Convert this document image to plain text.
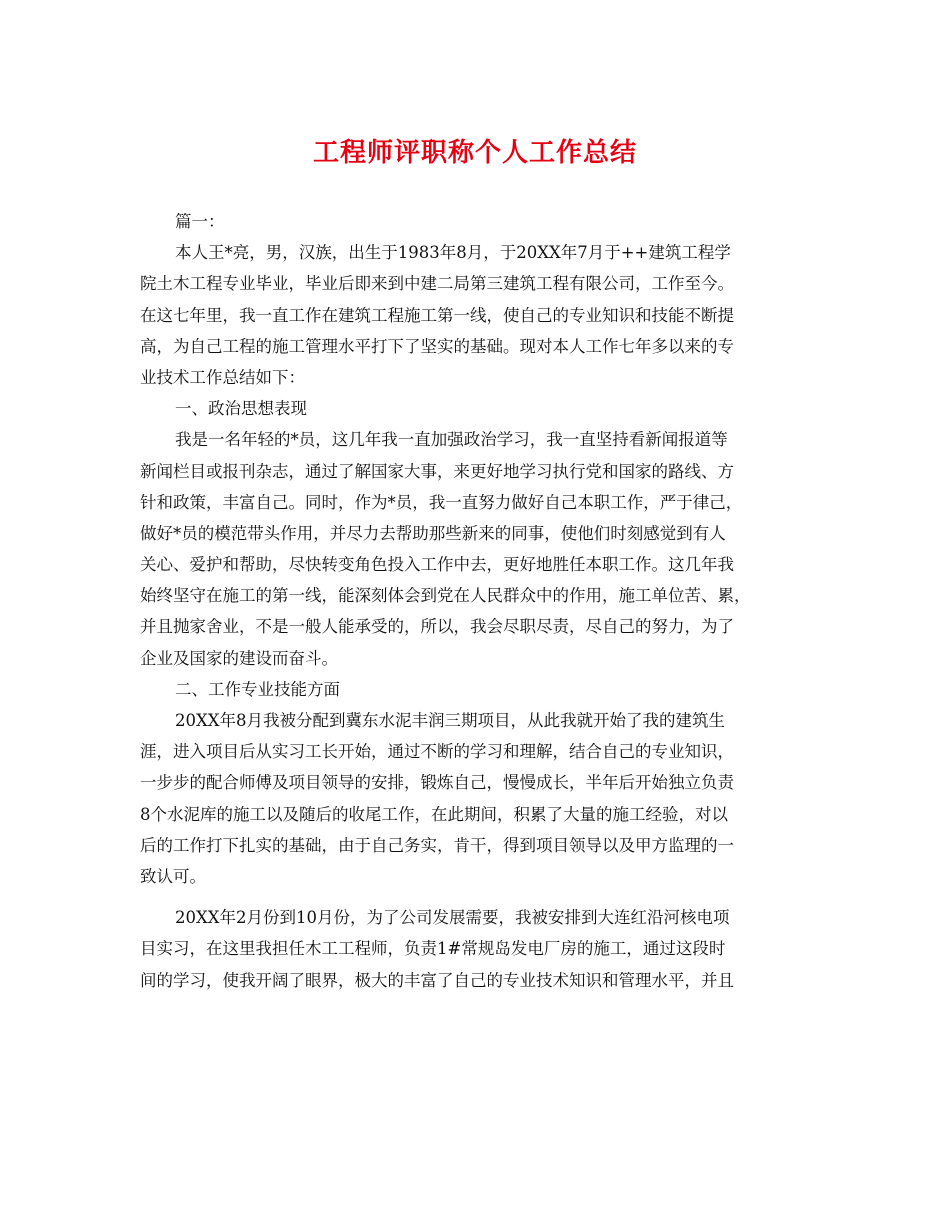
工程师评职称个人工作总结
篇一：
本人王*亮，男，汉族，出生于1983年8月，于20XX年7月于++建筑工程学
院土木工程专业毕业，毕业后即来到中建二局第三建筑工程有限公司，工作至今。
在这七年里，我一直工作在建筑工程施工第一线，使自己的专业知识和技能不断提
高，为自己工程的施工管理水平打下了坚实的基础。现对本人工作七年多以来的专
业技术工作总结如下：
一、政治思想表现
我是一名年轻的*员，这几年我一直加强政治学习，我一直坚持看新闻报道等
新闻栏目或报刊杂志，通过了解国家大事，来更好地学习执行党和国家的路线、方
针和政策，丰富自己。同时，作为*员，我一直努力做好自己本职工作，严于律己，
做好*员的模范带头作用，并尽力去帮助那些新来的同事，使他们时刻感觉到有人
关心、爱护和帮助，尽快转变角色投入工作中去，更好地胜任本职工作。这几年我
始终坚守在施工的第一线，能深刻体会到党在人民群众中的作用，施工单位苦、累，
并且抛家舍业，不是一般人能承受的，所以，我会尽职尽责，尽自己的努力，为了
企业及国家的建设而奋斗。
二、工作专业技能方面
20XX年8月我被分配到冀东水泥丰润三期项目，从此我就开始了我的建筑生
涯，进入项目后从实习工长开始，通过不断的学习和理解，结合自己的专业知识，
一步步的配合师傅及项目领导的安排，锻炼自己，慢慢成长，半年后开始独立负责
8个水泥库的施工以及随后的收尾工作，在此期间，积累了大量的施工经验，对以
后的工作打下扎实的基础，由于自己务实，肯干，得到项目领导以及甲方监理的一
致认可。
20XX年2月份到10月份，为了公司发展需要，我被安排到大连红沿河核电项
目实习，在这里我担任木工工程师，负责1#常规岛发电厂房的施工，通过这段时
间的学习，使我开阔了眼界，极大的丰富了自己的专业技术知识和管理水平，并且
